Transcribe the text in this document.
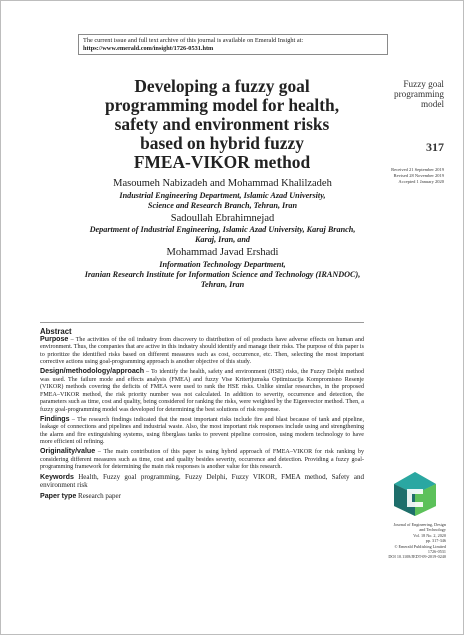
The current issue and full text archive of this journal is available on Emerald Insight at:
https://www.emerald.com/insight/1726-0531.htm
Developing a fuzzy goal
programming model for health,
safety and environment risks
based on hybrid fuzzy
FMEA-VIKOR method
Fuzzy goal
programming
model
317
Received 21 September 2019
Revised 28 November 2019
Accepted 1 January 2020
Masoumeh Nabizadeh and Mohammad Khalilzadeh
Industrial Engineering Department, Islamic Azad University,
Science and Research Branch, Tehran, Iran
Sadoullah Ebrahimnejad
Department of Industrial Engineering, Islamic Azad University, Karaj Branch,
Karaj, Iran, and
Mohammad Javad Ershadi
Information Technology Department,
Iranian Research Institute for Information Science and Technology (IRANDOC),
Tehran, Iran
Abstract

Purpose – The activities of the oil industry from discovery to distribution of oil products have adverse effects on human and environment. Thus, the companies that are active in this industry should identify and manage their risks. The purpose of this paper is to prioritize the identified risks based on different measures such as cost, occurrence, etc. Then, selecting the most important corrective actions using goal-programming approach is another objective of this study.

Design/methodology/approach – To identify the health, safety and environment (HSE) risks, the Fuzzy Delphi method was used. The failure mode and effects analysis (FMEA) and fuzzy Vise Kriterijumska Optimizacija Kompromisno Resenje (VIKOR) methods covering the deficits of FMEA were used to rank the HSE risks. Unlike similar researches, in the proposed FMEA–VIKOR method, the risk priority number was not calculated. In addition to severity, occurrence and detection, the parameters such as time, cost and quality, being considered for ranking the risks, were weighted by the Eigenvector method. Then, a fuzzy goal-programming model was developed for determining the best solutions of risk response.

Findings – The research findings indicated that the most important risks include fire and blast because of tank and pipeline, leakage of connections and pipelines and industrial waste. Also, the most important risk responses include using and strengthening the alarm and fire extinguishing systems, using fiberglass tanks to prevent pipeline corrosion, using modern technology to have more efficient oil refining.

Originality/value – The main contribution of this paper is using hybrid approach of FMEA–VIKOR for risk ranking by considering different measures such as time, cost and quality besides severity, occurrence and detection. Providing a fuzzy goal-programming framework for determining the main risk responses is another value for this research.

Keywords Health, Fuzzy goal programming, Fuzzy Delphi, Fuzzy VIKOR, FMEA method, Safety and environment risk

Paper type Research paper

Journal of Engineering, Design
and Technology
Vol. 18 No. 2, 2020
pp. 317-346
© Emerald Publishing Limited
1726-0531
DOI 10.1108/JEDT-09-2019-0240
